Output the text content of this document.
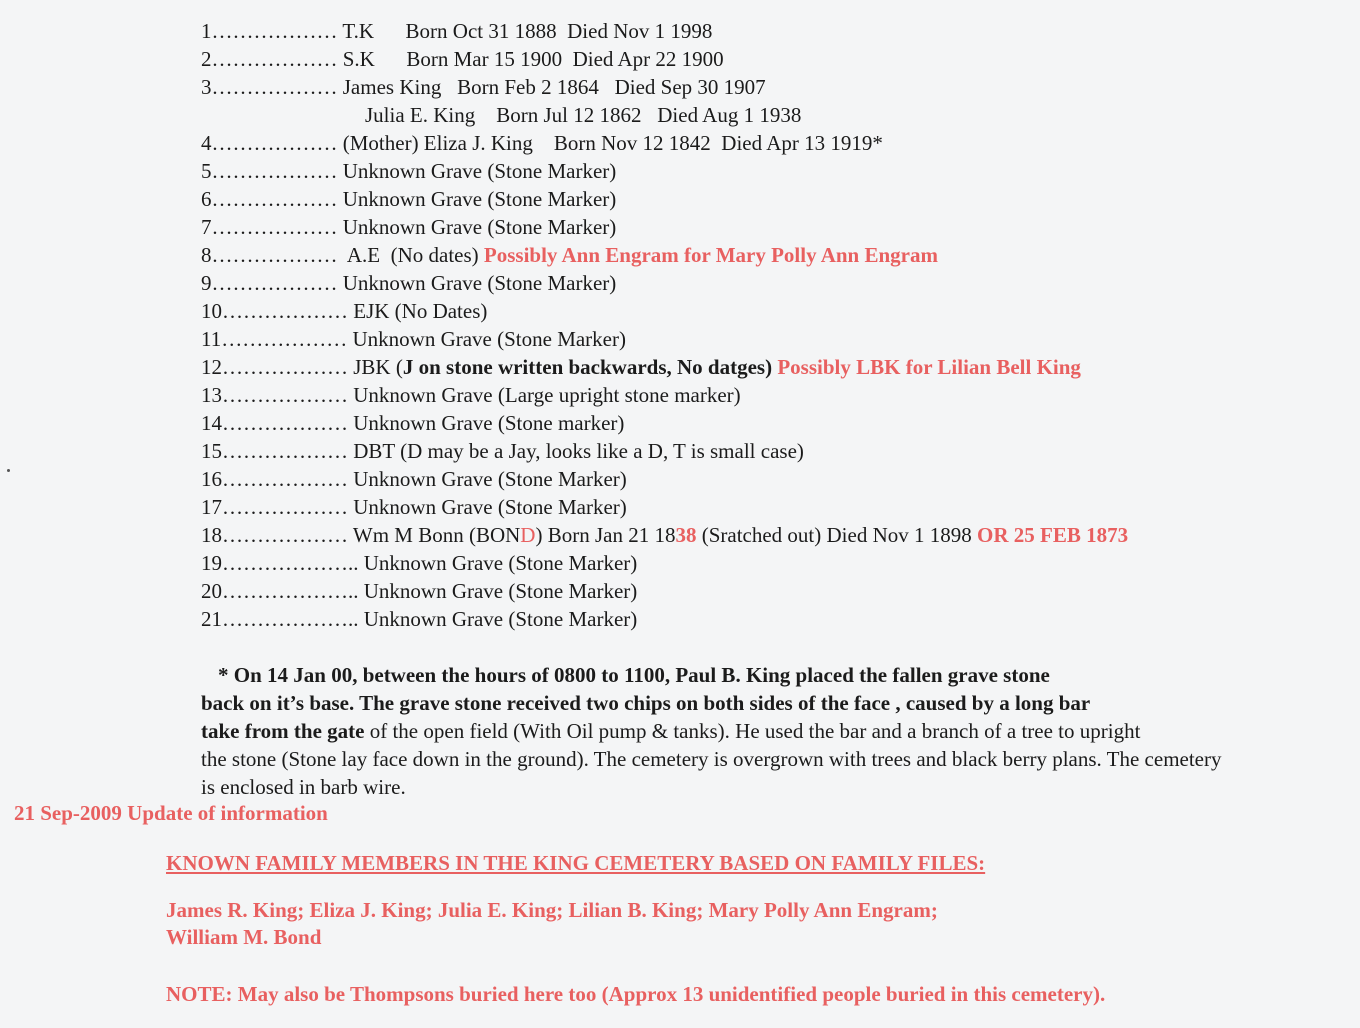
1……………… T.K      Born Oct 31 1888  Died Nov 1 1998
2……………… S.K      Born Mar 15 1900  Died Apr 22 1900
3……………… James King   Born Feb 2 1864   Died Sep 30 1907
Julia E. King    Born Jul 12 1862   Died Aug 1 1938
4……………… (Mother) Eliza J. King    Born Nov 12 1842  Died Apr 13 1919*
5……………… Unknown Grave (Stone Marker)
6……………… Unknown Grave (Stone Marker)
7……………… Unknown Grave (Stone Marker)
8………………  A.E  (No dates) Possibly Ann Engram for Mary Polly Ann Engram
9……………… Unknown Grave (Stone Marker)
10……………… EJK (No Dates)
11……………… Unknown Grave (Stone Marker)
12……………… JBK (J on stone written backwards, No datges) Possibly LBK for Lilian Bell King
13……………… Unknown Grave (Large upright stone marker)
14……………… Unknown Grave (Stone marker)
15……………… DBT (D may be a Jay, looks like a D, T is small case)
16……………… Unknown Grave (Stone Marker)
17……………… Unknown Grave (Stone Marker)
18……………… Wm M Bonn (BOND) Born Jan 21 1838 (Sratched out) Died Nov 1 1898 OR 25 FEB 1873
19……………….. Unknown Grave (Stone Marker)
20……………….. Unknown Grave (Stone Marker)
21……………….. Unknown Grave (Stone Marker)
* On 14 Jan 00, between the hours of 0800 to 1100, Paul B. King placed the fallen grave stone
back on it’s base. The grave stone received two chips on both sides of the face , caused by a long bar
take from the gate of the open field (With Oil pump & tanks). He used the bar and a branch of a tree to upright
the stone (Stone lay face down in the ground). The cemetery is overgrown with trees and black berry plans. The cemetery
is enclosed in barb wire.
21 Sep-2009 Update of information
KNOWN FAMILY MEMBERS IN THE KING CEMETERY BASED ON FAMILY FILES:
James R. King; Eliza J. King; Julia E. King; Lilian B. King; Mary Polly Ann Engram;
William M. Bond
NOTE: May also be Thompsons buried here too (Approx 13 unidentified people buried in this cemetery).
